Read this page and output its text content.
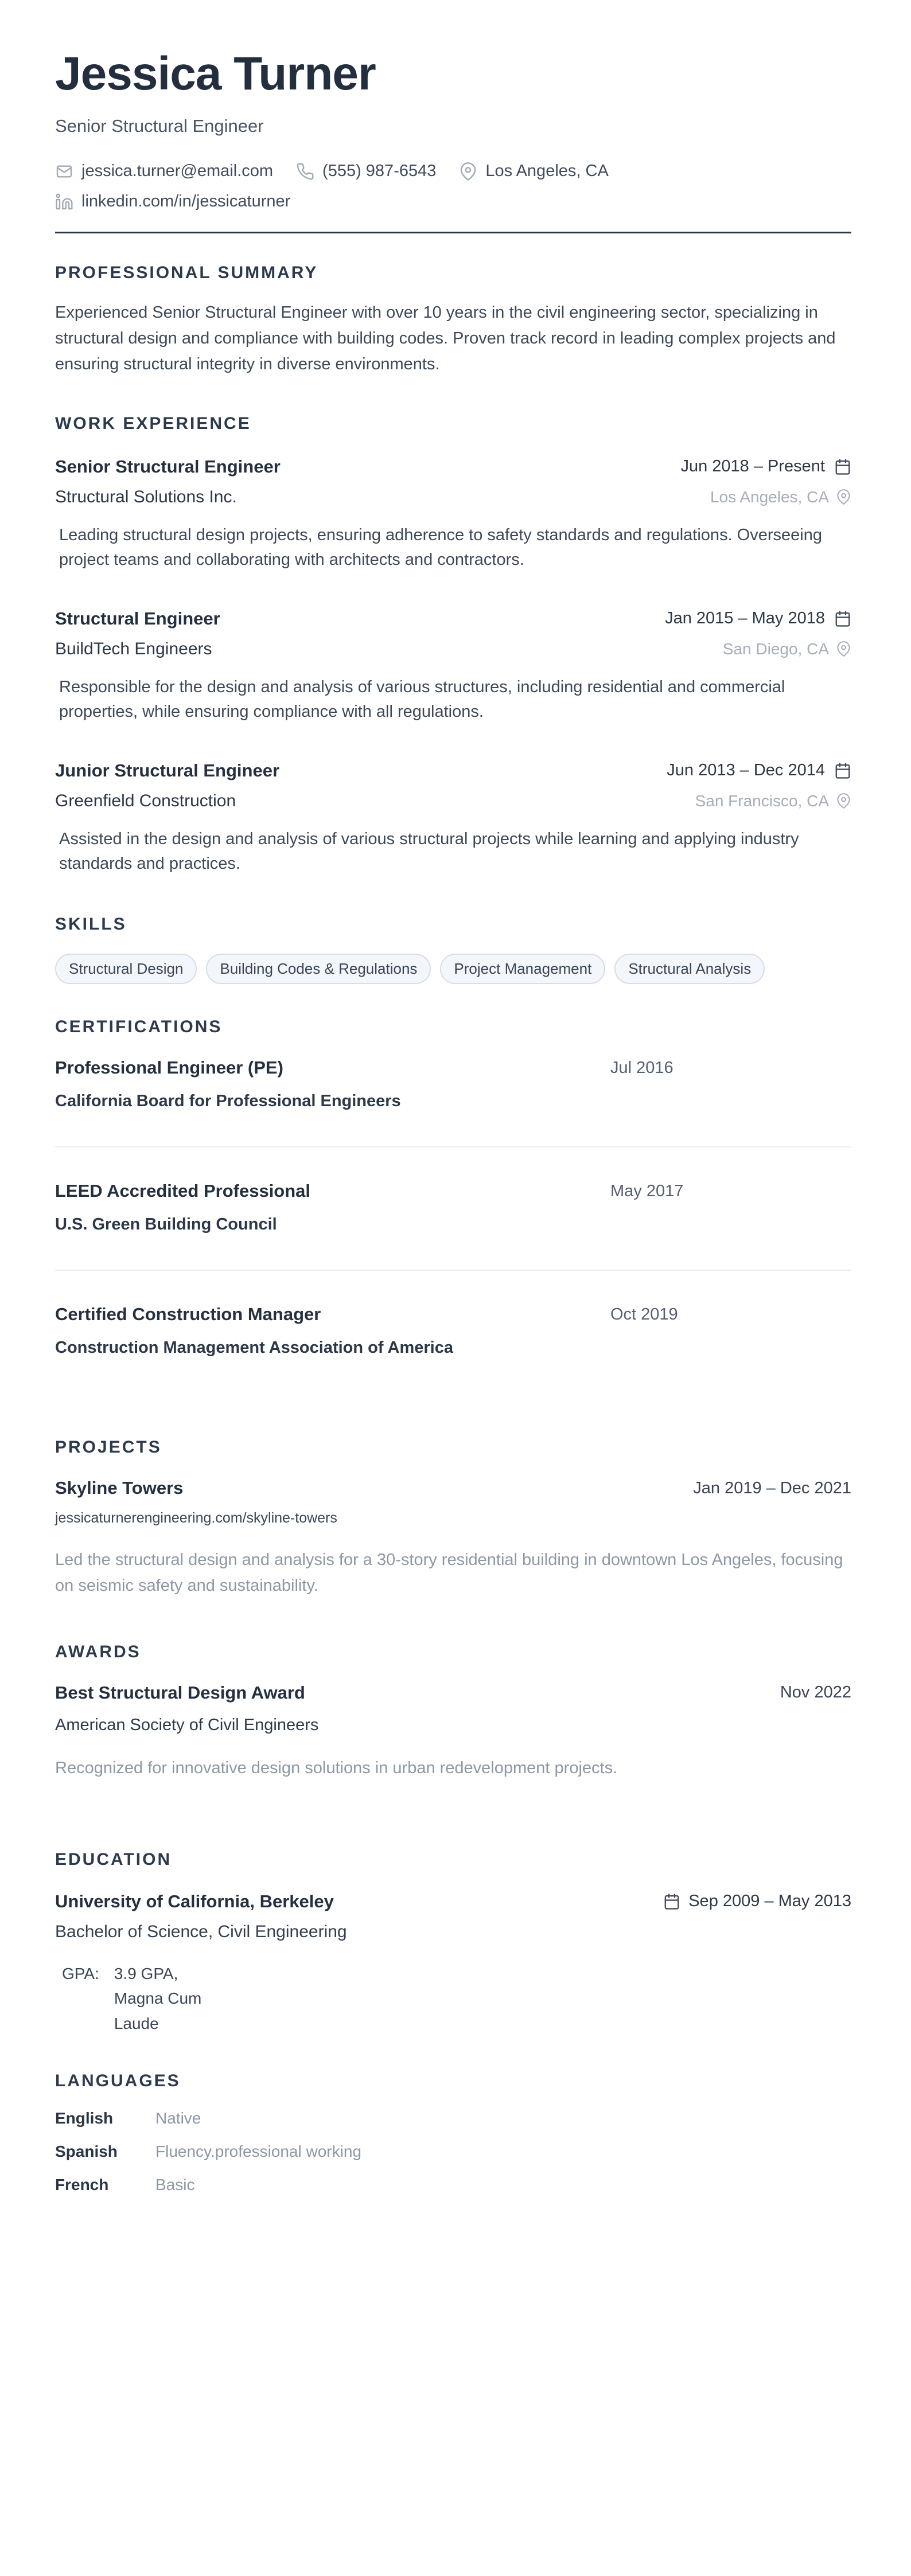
Jessica Turner
Senior Structural Engineer
jessica.turner@email.com	(555) 987-6543	Los Angeles, CA
linkedin.com/in/jessicaturner
PROFESSIONAL SUMMARY

Experienced Senior Structural Engineer with over 10 years in the civil engineering sector, specializing in structural design and compliance with building codes. Proven track record in leading complex projects and ensuring structural integrity in diverse environments.

WORK EXPERIENCE
Senior Structural Engineer	Jun 2018 – Present
Structural Solutions Inc.	Los Angeles, CA

Leading structural design projects, ensuring adherence to safety standards and regulations. Overseeing project teams and collaborating with architects and contractors.

Structural Engineer	Jan 2015 – May 2018
BuildTech Engineers	San Diego, CA

Responsible for the design and analysis of various structures, including residential and commercial properties, while ensuring compliance with all regulations.

Junior Structural Engineer	Jun 2013 – Dec 2014
Greenfield Construction	San Francisco, CA

Assisted in the design and analysis of various structural projects while learning and applying industry standards and practices.

SKILLS
Structural Design	Building Codes & Regulations	Project Management	Structural Analysis
CERTIFICATIONS
Professional Engineer (PE)	Jul 2016
California Board for Professional Engineers
LEED Accredited Professional	May 2017
U.S. Green Building Council
Certified Construction Manager	Oct 2019
Construction Management Association of America
PROJECTS
Skyline Towers	Jan 2019 – Dec 2021
jessicaturnerengineering.com/skyline-towers

Led the structural design and analysis for a 30-story residential building in downtown Los Angeles, focusing on seismic safety and sustainability.

AWARDS
Best Structural Design Award	Nov 2022
American Society of Civil Engineers

Recognized for innovative design solutions in urban redevelopment projects.

EDUCATION
University of California, Berkeley	Sep 2009 – May 2013
Bachelor of Science, Civil Engineering
GPA: 3.9 GPA, Magna Cum Laude
LANGUAGES
English	Native
Spanish	Fluency.professional working
French	Basic
